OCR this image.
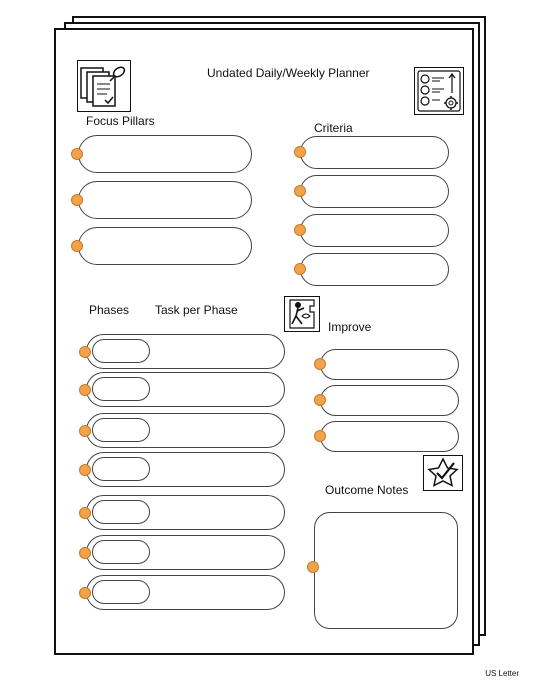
Undated Daily/Weekly Planner
Focus Pillars	Criteria
Phases Task per Phase
Improve
Outcome Notes
US Letter
